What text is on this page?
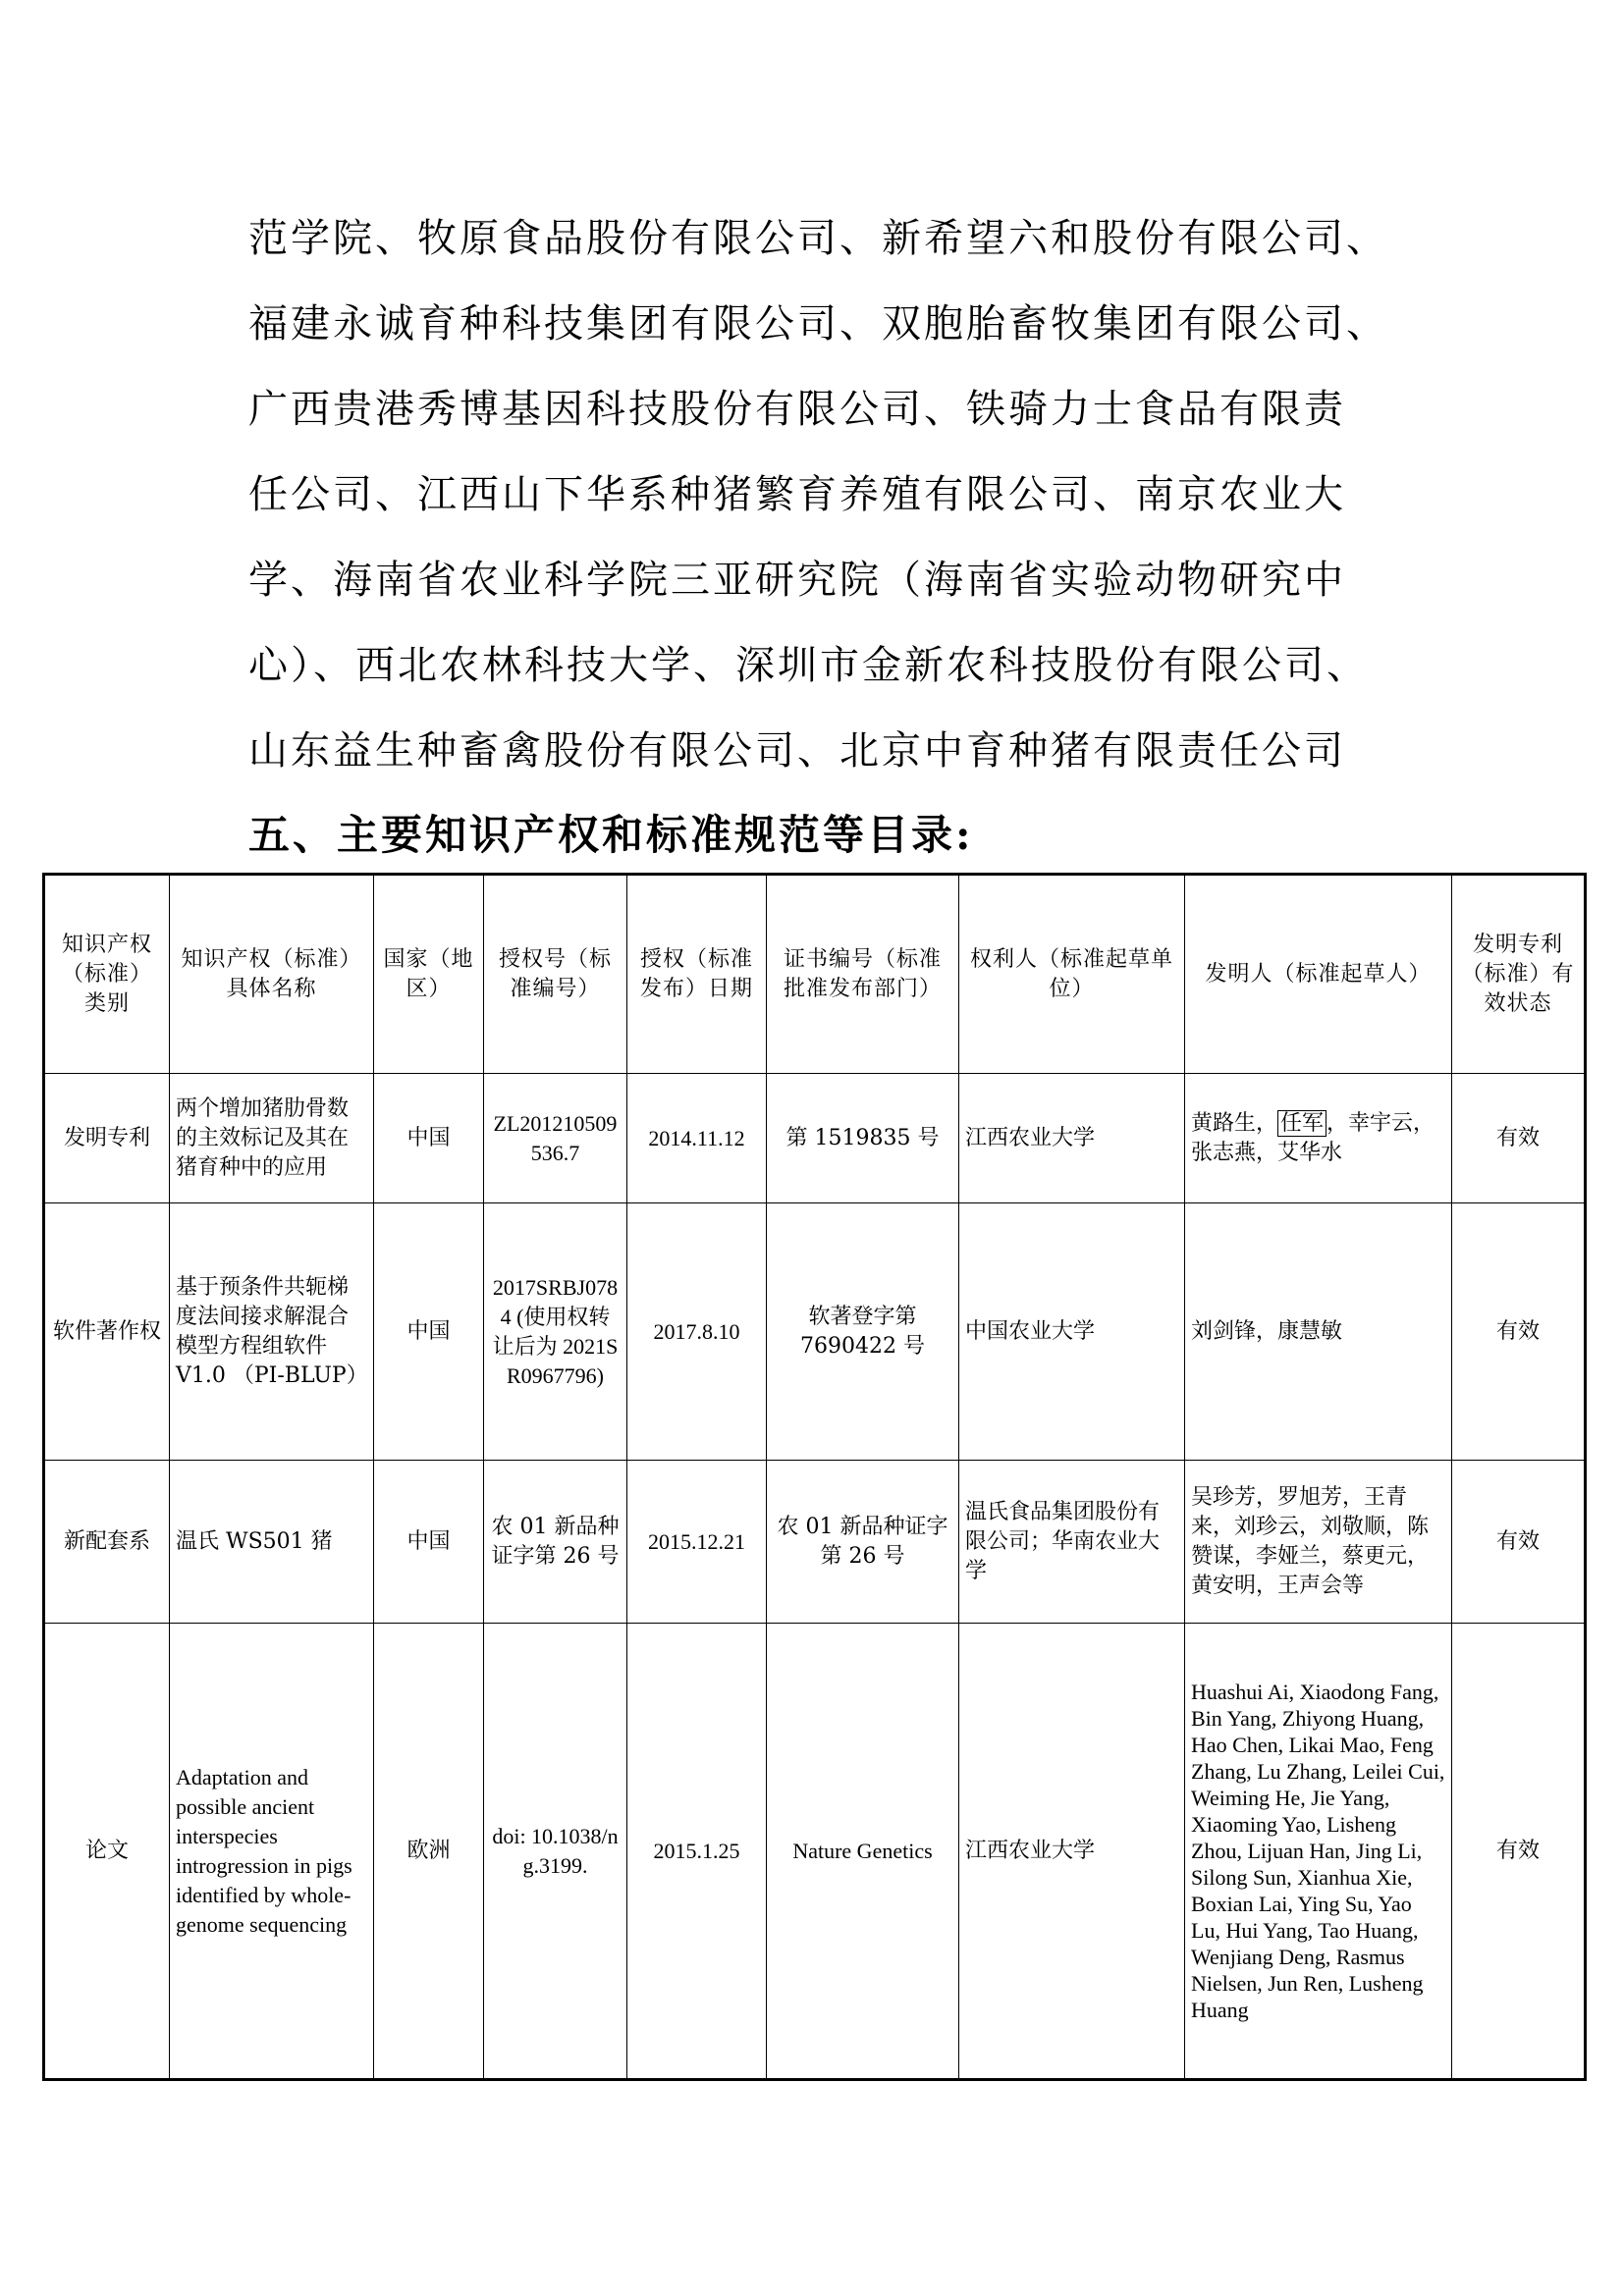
范学院、牧原食品股份有限公司、新希望六和股份有限公司、
福建永诚育种科技集团有限公司、双胞胎畜牧集团有限公司、
广西贵港秀博基因科技股份有限公司、铁骑力士食品有限责
任公司、江西山下华系种猪繁育养殖有限公司、南京农业大
学、海南省农业科学院三亚研究院（海南省实验动物研究中
心）、西北农林科技大学、深圳市金新农科技股份有限公司、
山东益生种畜禽股份有限公司、北京中育种猪有限责任公司
五、主要知识产权和标准规范等目录:
知识产权（标准）类别	知识产权（标准）具体名称	国家（地区）	授权号（标准编号）	授权（标准发布）日期	证书编号（标准批准发布部门）	权利人（标准起草单位）	发明人（标准起草人）	发明专利（标准）有效状态
发明专利	两个增加猪肋骨数的主效标记及其在猪育种中的应用	中国	ZL201210509536.7	2014.11.12	第 1519835 号	江西农业大学	黄路生， 任军 ，幸宇云，张志燕，艾华水	有效
软件著作权	基于预条件共轭梯度法间接求解混合模型方程组软件 V1.0 （PI-BLUP）	中国	2017SRBJ0784 (使用权转让后为 2021SR0967796)	2017.8.10	软著登字第 7690422 号	中国农业大学	刘剑锋，康慧敏	有效
新配套系	温氏 WS501 猪	中国	农 01 新品种证字第 26 号	2015.12.21	农 01 新品种证字第 26 号	温氏食品集团股份有限公司；华南农业大学	吴珍芳，罗旭芳，王青来，刘珍云，刘敬顺，陈赞谋，李娅兰，蔡更元，黄安明，王声会等	有效
论文	Adaptation and possible ancient interspecies introgression in pigs identified by whole-genome sequencing	欧洲	doi: 10.1038/ng.3199.	2015.1.25	Nature Genetics	江西农业大学	Huashui Ai, Xiaodong Fang, Bin Yang, Zhiyong Huang, Hao Chen, Likai Mao, Feng Zhang, Lu Zhang, Leilei Cui, Weiming He, Jie Yang, Xiaoming Yao, Lisheng Zhou, Lijuan Han, Jing Li, Silong Sun, Xianhua Xie, Boxian Lai, Ying Su, Yao Lu, Hui Yang, Tao Huang, Wenjiang Deng, Rasmus Nielsen, Jun Ren, Lusheng Huang	有效
